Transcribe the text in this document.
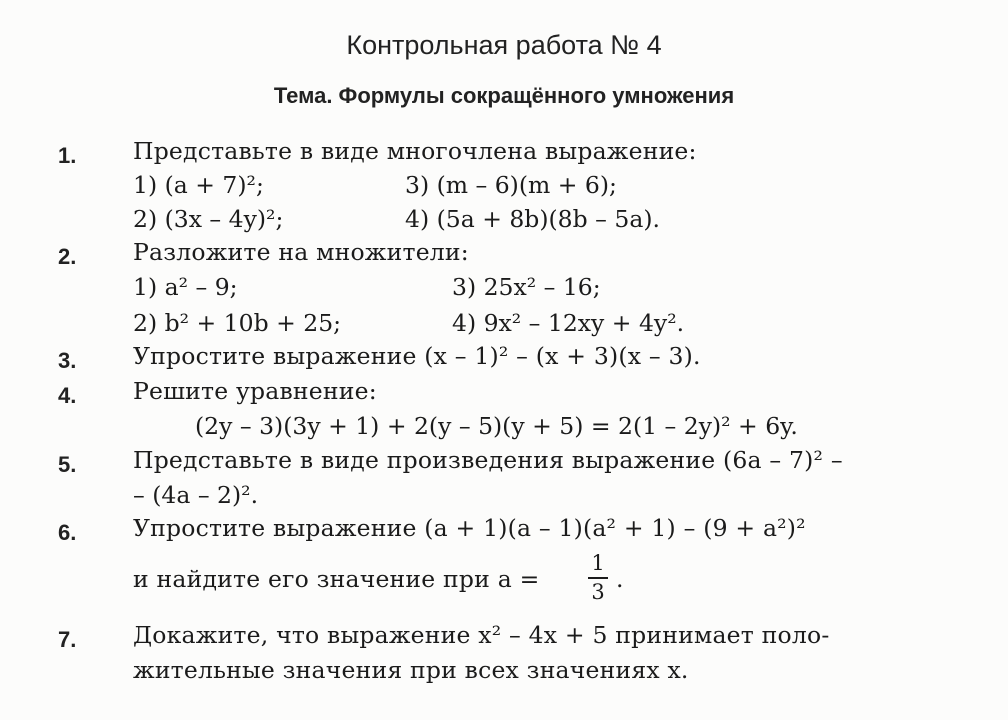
Контрольная работа № 4
Тема. Формулы сокращённого умножения
1.	Представьте в виде многочлена выражение:
1) (a + 7)²;	3) (m – 6)(m + 6);
2) (3x – 4y)²;	4) (5a + 8b)(8b – 5a).
2.	Разложите на множители:
1) a² – 9;	3) 25x² – 16;
2) b² + 10b + 25;	4) 9x² – 12xy + 4y².
3.	Упростите выражение (x – 1)² – (x + 3)(x – 3).
4.	Решите уравнение:
(2y – 3)(3y + 1) + 2(y – 5)(y + 5) = 2(1 – 2y)² + 6y.
5.	Представьте в виде произведения выражение (6a – 7)² –
– (4a – 2)².
6.	Упростите выражение (a + 1)(a – 1)(a² + 1) – (9 + a²)²
и найдите его значение при a =
1
3 .
7.	Докажите, что выражение x² – 4x + 5 принимает поло-
жительные значения при всех значениях x.
